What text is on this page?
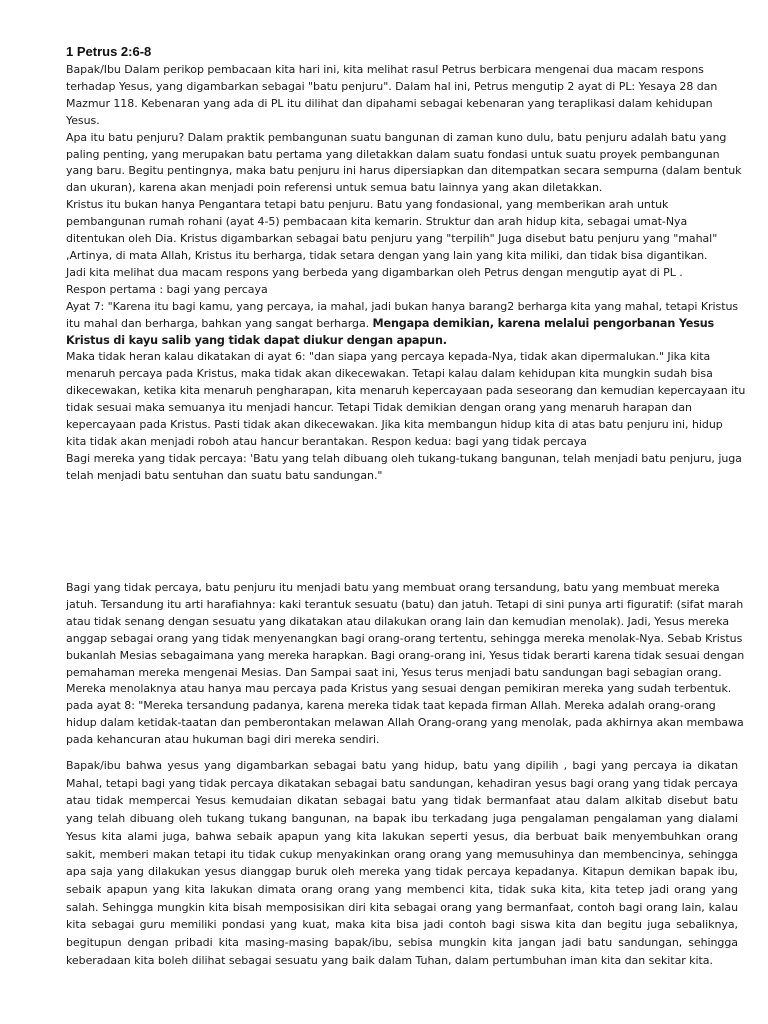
1 Petrus 2:6-8

Bapak/Ibu Dalam perikop pembacaan kita hari ini, kita melihat rasul Petrus berbicara mengenai dua macam respons terhadap Yesus, yang digambarkan sebagai "batu penjuru". Dalam hal ini, Petrus mengutip 2 ayat di PL: Yesaya 28 dan Mazmur 118. Kebenaran yang ada di PL itu dilihat dan dipahami sebagai kebenaran yang teraplikasi dalam kehidupan Yesus.

Apa itu batu penjuru? Dalam praktik pembangunan suatu bangunan di zaman kuno dulu, batu penjuru adalah batu yang paling penting, yang merupakan batu pertama yang diletakkan dalam suatu fondasi untuk suatu proyek pembangunan yang baru. Begitu pentingnya, maka batu penjuru ini harus dipersiapkan dan ditempatkan secara sempurna (dalam bentuk dan ukuran), karena akan menjadi poin referensi untuk semua batu lainnya yang akan diletakkan.

Kristus itu bukan hanya Pengantara tetapi batu penjuru. Batu yang fondasional, yang memberikan arah untuk pembangunan rumah rohani (ayat 4-5) pembacaan kita kemarin. Struktur dan arah hidup kita, sebagai umat-Nya ditentukan oleh Dia. Kristus digambarkan sebagai batu penjuru yang "terpilih" Juga disebut batu penjuru yang "mahal" ,Artinya, di mata Allah, Kristus itu berharga, tidak setara dengan yang lain yang kita miliki, dan tidak bisa digantikan.

Jadi kita melihat dua macam respons yang berbeda yang digambarkan oleh Petrus dengan mengutip ayat di PL .

Respon pertama : bagi yang percaya

Ayat 7: "Karena itu bagi kamu, yang percaya, ia mahal, jadi bukan hanya barang2 berharga kita yang mahal, tetapi Kristus itu mahal dan berharga, bahkan yang sangat berharga. Mengapa demikian, karena melalui pengorbanan Yesus Kristus di kayu salib yang tidak dapat diukur dengan apapun.

Maka tidak heran kalau dikatakan di ayat 6: "dan siapa yang percaya kepada-Nya, tidak akan dipermalukan." Jika kita menaruh percaya pada Kristus, maka tidak akan dikecewakan. Tetapi kalau dalam kehidupan kita mungkin sudah bisa dikecewakan, ketika kita menaruh pengharapan, kita menaruh kepercayaan pada seseorang dan kemudian kepercayaan itu tidak sesuai maka semuanya itu menjadi hancur. Tetapi Tidak demikian dengan orang yang menaruh harapan dan kepercayaan pada Kristus. Pasti tidak akan dikecewakan. Jika kita membangun hidup kita di atas batu penjuru ini, hidup kita tidak akan menjadi roboh atau hancur berantakan. Respon kedua: bagi yang tidak percaya

Bagi mereka yang tidak percaya: 'Batu yang telah dibuang oleh tukang-tukang bangunan, telah menjadi batu penjuru, juga telah menjadi batu sentuhan dan suatu batu sandungan."

Bagi yang tidak percaya, batu penjuru itu menjadi batu yang membuat orang tersandung, batu yang membuat mereka jatuh. Tersandung itu arti harafiahnya: kaki terantuk sesuatu (batu) dan jatuh. Tetapi di sini punya arti figuratif: (sifat marah atau tidak senang dengan sesuatu yang dikatakan atau dilakukan orang lain dan kemudian menolak). Jadi, Yesus mereka anggap sebagai orang yang tidak menyenangkan bagi orang-orang tertentu, sehingga mereka menolak-Nya. Sebab Kristus bukanlah Mesias sebagaimana yang mereka harapkan. Bagi orang-orang ini, Yesus tidak berarti karena tidak sesuai dengan pemahaman mereka mengenai Mesias. Dan Sampai saat ini, Yesus terus menjadi batu sandungan bagi sebagian orang. Mereka menolaknya atau hanya mau percaya pada Kristus yang sesuai dengan pemikiran mereka yang sudah terbentuk.

pada ayat 8: "Mereka tersandung padanya, karena mereka tidak taat kepada firman Allah. Mereka adalah orang-orang hidup dalam ketidak-taatan dan pemberontakan melawan Allah Orang-orang yang menolak, pada akhirnya akan membawa pada kehancuran atau hukuman bagi diri mereka sendiri.

Bapak/ibu bahwa yesus yang digambarkan sebagai batu yang hidup, batu yang dipilih , bagi yang percaya ia dikatan Mahal, tetapi bagi yang tidak percaya dikatakan sebagai batu sandungan, kehadiran yesus bagi orang yang tidak percaya atau tidak mempercai Yesus kemudaian dikatan sebagai batu yang tidak bermanfaat atau dalam alkitab disebut batu yang telah dibuang oleh tukang tukang bangunan, na bapak ibu terkadang juga pengalaman pengalaman yang dialami Yesus kita alami juga, bahwa sebaik apapun yang kita lakukan seperti yesus, dia berbuat baik menyembuhkan orang sakit, memberi makan tetapi itu tidak cukup menyakinkan orang orang yang memusuhinya dan membencinya, sehingga apa saja yang dilakukan yesus dianggap buruk oleh mereka yang tidak percaya kepadanya. Kitapun demikan bapak ibu, sebaik apapun yang kita lakukan dimata orang orang yang membenci kita, tidak suka kita, kita tetep jadi orang yang salah. Sehingga mungkin kita bisah memposisikan diri kita sebagai orang yang bermanfaat, contoh bagi orang lain, kalau kita sebagai guru memiliki pondasi yang kuat, maka kita bisa jadi contoh bagi siswa kita dan begitu juga sebaliknya, begitupun dengan pribadi kita masing-masing bapak/ibu, sebisa mungkin kita jangan jadi batu sandungan, sehingga keberadaan kita boleh dilihat sebagai sesuatu yang baik dalam Tuhan, dalam pertumbuhan iman kita dan sekitar kita.
